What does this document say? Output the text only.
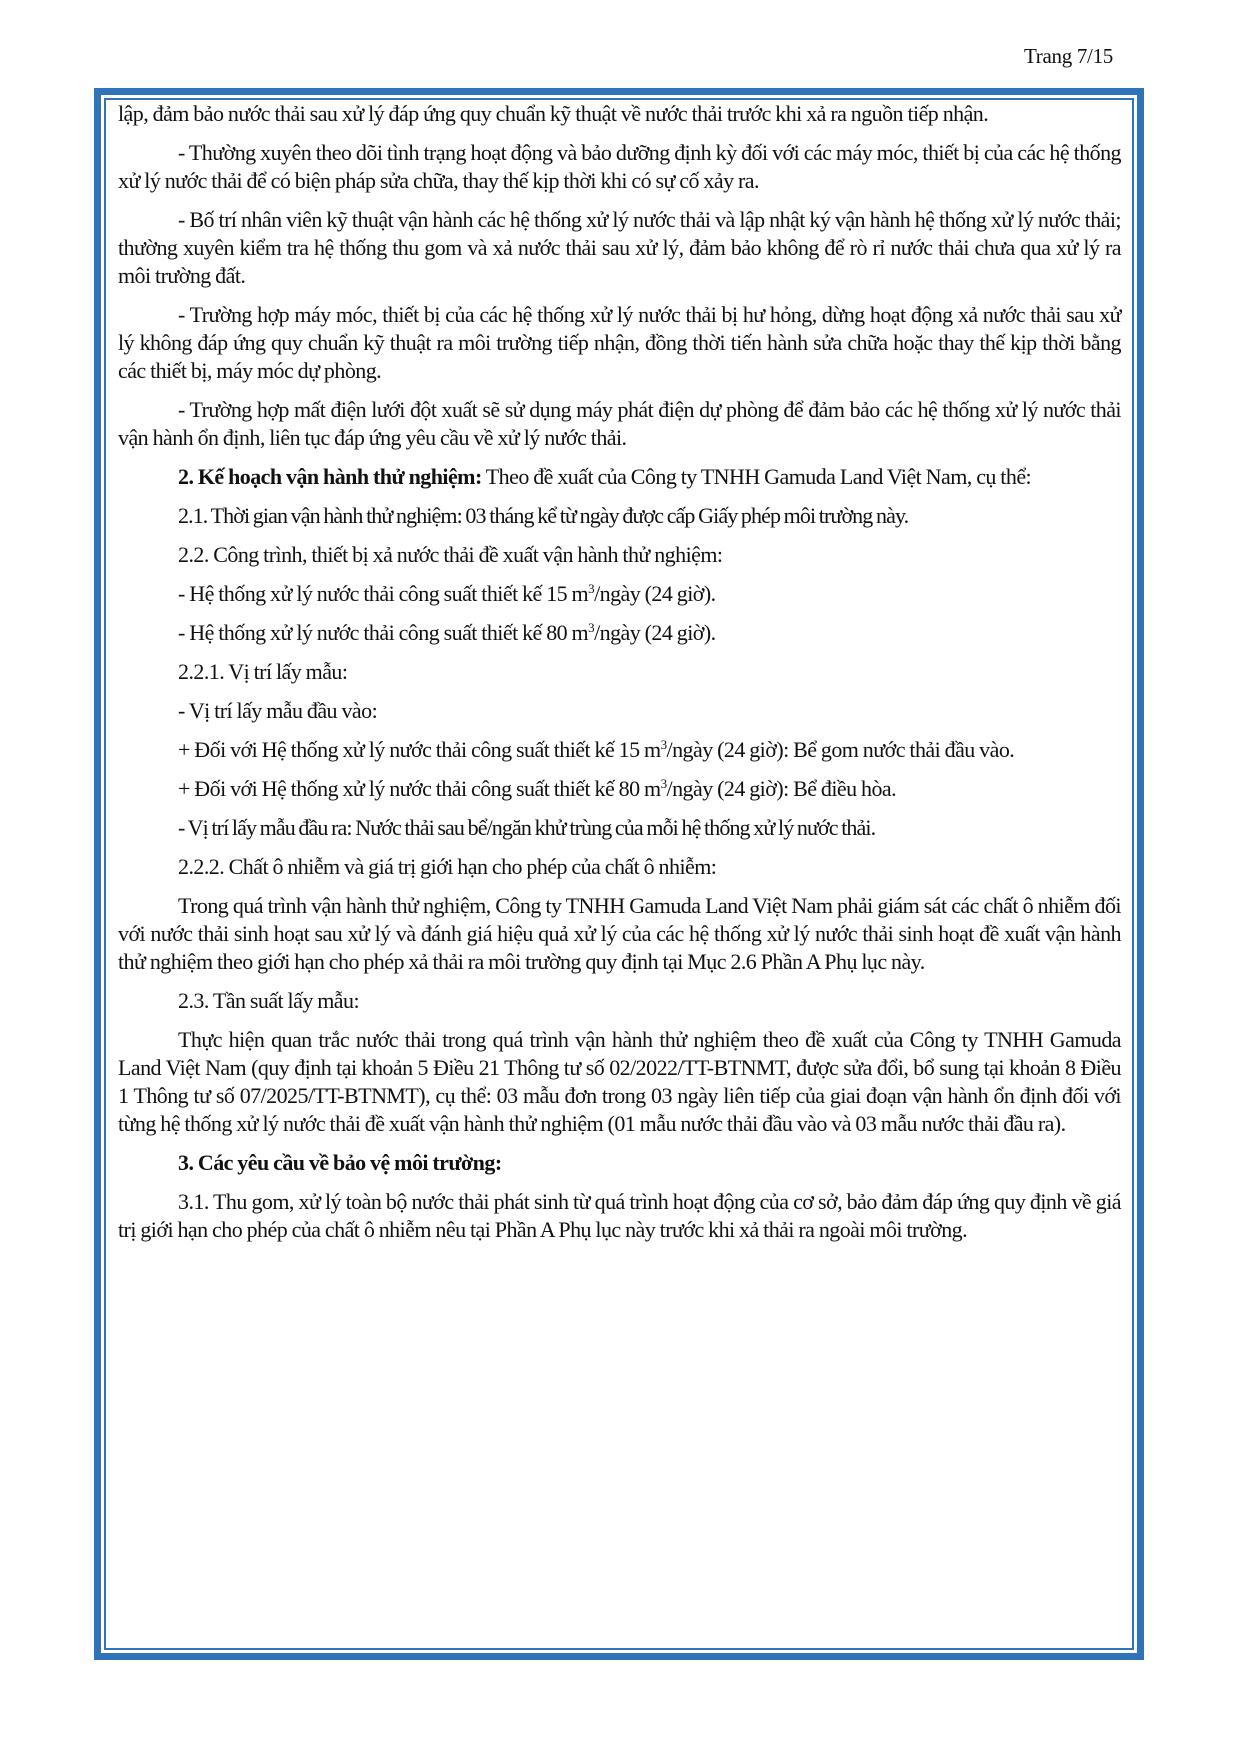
Trang 7/15

lập, đảm bảo nước thải sau xử lý đáp ứng quy chuẩn kỹ thuật về nước thải trước khi xả ra nguồn tiếp nhận.

- Thường xuyên theo dõi tình trạng hoạt động và bảo dưỡng định kỳ đối với các máy móc, thiết bị của các hệ thống xử lý nước thải để có biện pháp sửa chữa, thay thế kịp thời khi có sự cố xảy ra.

- Bố trí nhân viên kỹ thuật vận hành các hệ thống xử lý nước thải và lập nhật ký vận hành hệ thống xử lý nước thải; thường xuyên kiểm tra hệ thống thu gom và xả nước thải sau xử lý, đảm bảo không để rò rỉ nước thải chưa qua xử lý ra môi trường đất.

- Trường hợp máy móc, thiết bị của các hệ thống xử lý nước thải bị hư hỏng, dừng hoạt động xả nước thải sau xử lý không đáp ứng quy chuẩn kỹ thuật ra môi trường tiếp nhận, đồng thời tiến hành sửa chữa hoặc thay thế kịp thời bằng các thiết bị, máy móc dự phòng.

- Trường hợp mất điện lưới đột xuất sẽ sử dụng máy phát điện dự phòng để đảm bảo các hệ thống xử lý nước thải vận hành ổn định, liên tục đáp ứng yêu cầu về xử lý nước thải.

2. Kế hoạch vận hành thử nghiệm: Theo đề xuất của Công ty TNHH Gamuda Land Việt Nam, cụ thể:

2.1. Thời gian vận hành thử nghiệm: 03 tháng kể từ ngày được cấp Giấy phép môi trường này.

2.2. Công trình, thiết bị xả nước thải đề xuất vận hành thử nghiệm:

- Hệ thống xử lý nước thải công suất thiết kế 15 $m^3$/ngày (24 giờ).

- Hệ thống xử lý nước thải công suất thiết kế 80 $m^3$/ngày (24 giờ).

2.2.1. Vị trí lấy mẫu:

- Vị trí lấy mẫu đầu vào:

+ Đối với Hệ thống xử lý nước thải công suất thiết kế 15 $m^3$/ngày (24 giờ): Bể gom nước thải đầu vào.

+ Đối với Hệ thống xử lý nước thải công suất thiết kế 80 $m^3$/ngày (24 giờ): Bể điều hòa.

- Vị trí lấy mẫu đầu ra: Nước thải sau bể/ngăn khử trùng của mỗi hệ thống xử lý nước thải.

2.2.2. Chất ô nhiễm và giá trị giới hạn cho phép của chất ô nhiễm:

Trong quá trình vận hành thử nghiệm, Công ty TNHH Gamuda Land Việt Nam phải giám sát các chất ô nhiễm đối với nước thải sinh hoạt sau xử lý và đánh giá hiệu quả xử lý của các hệ thống xử lý nước thải sinh hoạt đề xuất vận hành thử nghiệm theo giới hạn cho phép xả thải ra môi trường quy định tại Mục 2.6 Phần A Phụ lục này.

2.3. Tần suất lấy mẫu:

Thực hiện quan trắc nước thải trong quá trình vận hành thử nghiệm theo đề xuất của Công ty TNHH Gamuda Land Việt Nam (quy định tại khoản 5 Điều 21 Thông tư số 02/2022/TT-BTNMT, được sửa đổi, bổ sung tại khoản 8 Điều 1 Thông tư số 07/2025/TT-BTNMT), cụ thể: 03 mẫu đơn trong 03 ngày liên tiếp của giai đoạn vận hành ổn định đối với từng hệ thống xử lý nước thải đề xuất vận hành thử nghiệm (01 mẫu nước thải đầu vào và 03 mẫu nước thải đầu ra).

3. Các yêu cầu về bảo vệ môi trường:

3.1. Thu gom, xử lý toàn bộ nước thải phát sinh từ quá trình hoạt động của cơ sở, bảo đảm đáp ứng quy định về giá trị giới hạn cho phép của chất ô nhiễm nêu tại Phần A Phụ lục này trước khi xả thải ra ngoài môi trường.
